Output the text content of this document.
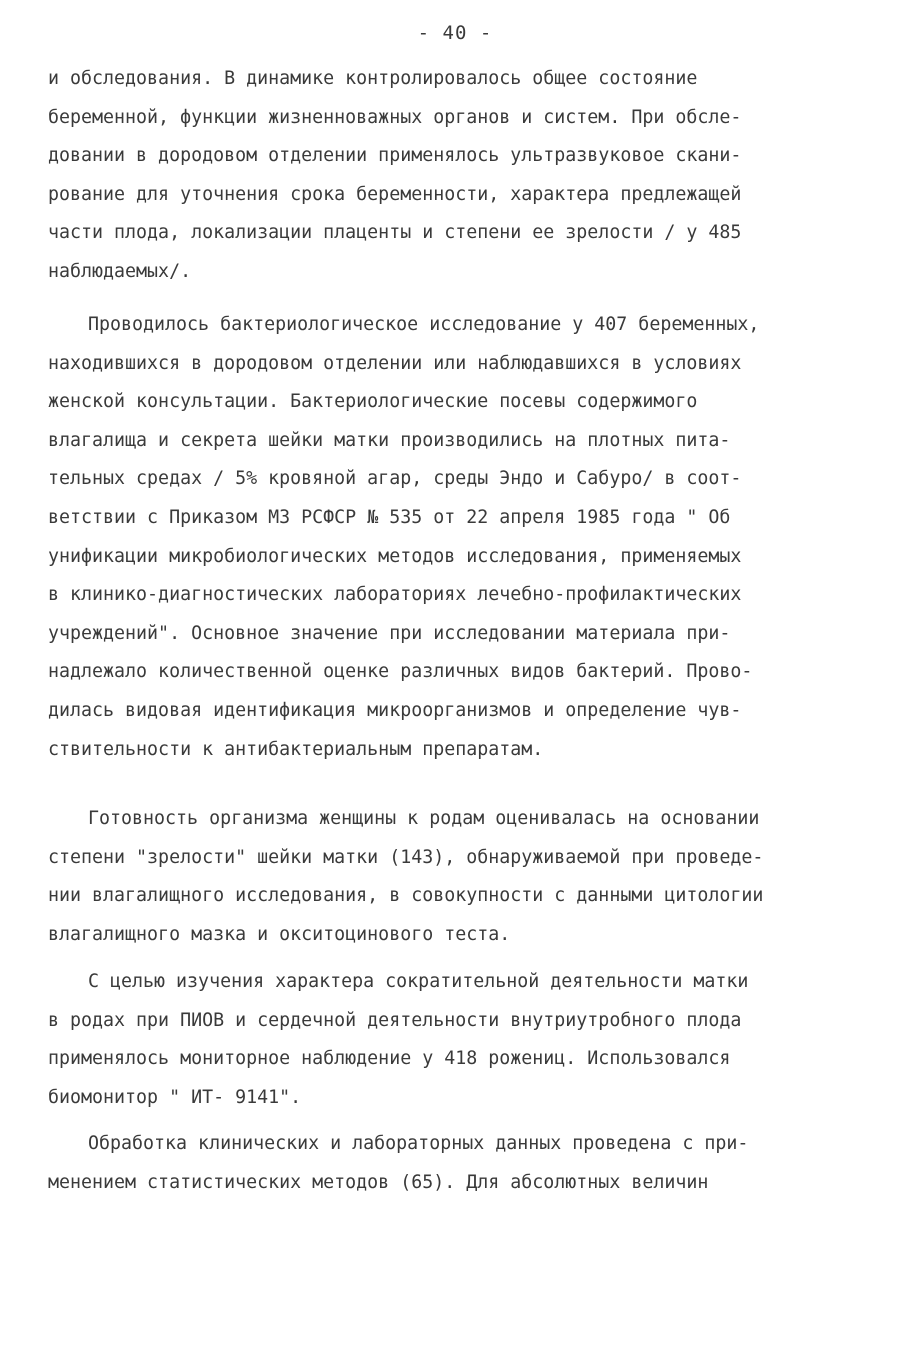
- 40 -
и обследования. В динамике контролировалось общее состояние
беременной, функции жизненноважных органов и систем. При обсле-
довании в дородовом отделении применялось ультразвуковое скани-
рование для уточнения срока беременности, характера предлежащей
части плода, локализации плаценты и степени ее зрелости / у 485
наблюдаемых/.
Проводилось бактериологическое исследование у 407 беременных,
находившихся в дородовом отделении или наблюдавшихся в условиях
женской консультации. Бактериологические посевы содержимого
влагалища и секрета шейки матки производились на плотных пита-
тельных средах / 5% кровяной агар, среды Эндо и Сабуро/ в соот-
ветствии с Приказом МЗ РСФСР № 535 от 22 апреля 1985 года " Об
унификации микробиологических методов исследования, применяемых
в клинико-диагностических лабораториях лечебно-профилактических
учреждений". Основное значение при исследовании материала при-
надлежало количественной оценке различных видов бактерий. Прово-
дилась видовая идентификация микроорганизмов и определение чув-
ствительности к антибактериальным препаратам.
Готовность организма женщины к родам оценивалась на основании
степени "зрелости" шейки матки (143), обнаруживаемой при проведе-
нии влагалищного исследования, в совокупности с данными цитологии
влагалищного мазка и окситоцинового теста.
С целью изучения характера сократительной деятельности матки
в родах при ПИОВ и сердечной деятельности внутриутробного плода
применялось мониторное наблюдение у 418 рожениц. Использовался
биомонитор " ИТ- 9141".
Обработка клинических и лабораторных данных проведена с при-
менением статистических методов (65). Для абсолютных величин
